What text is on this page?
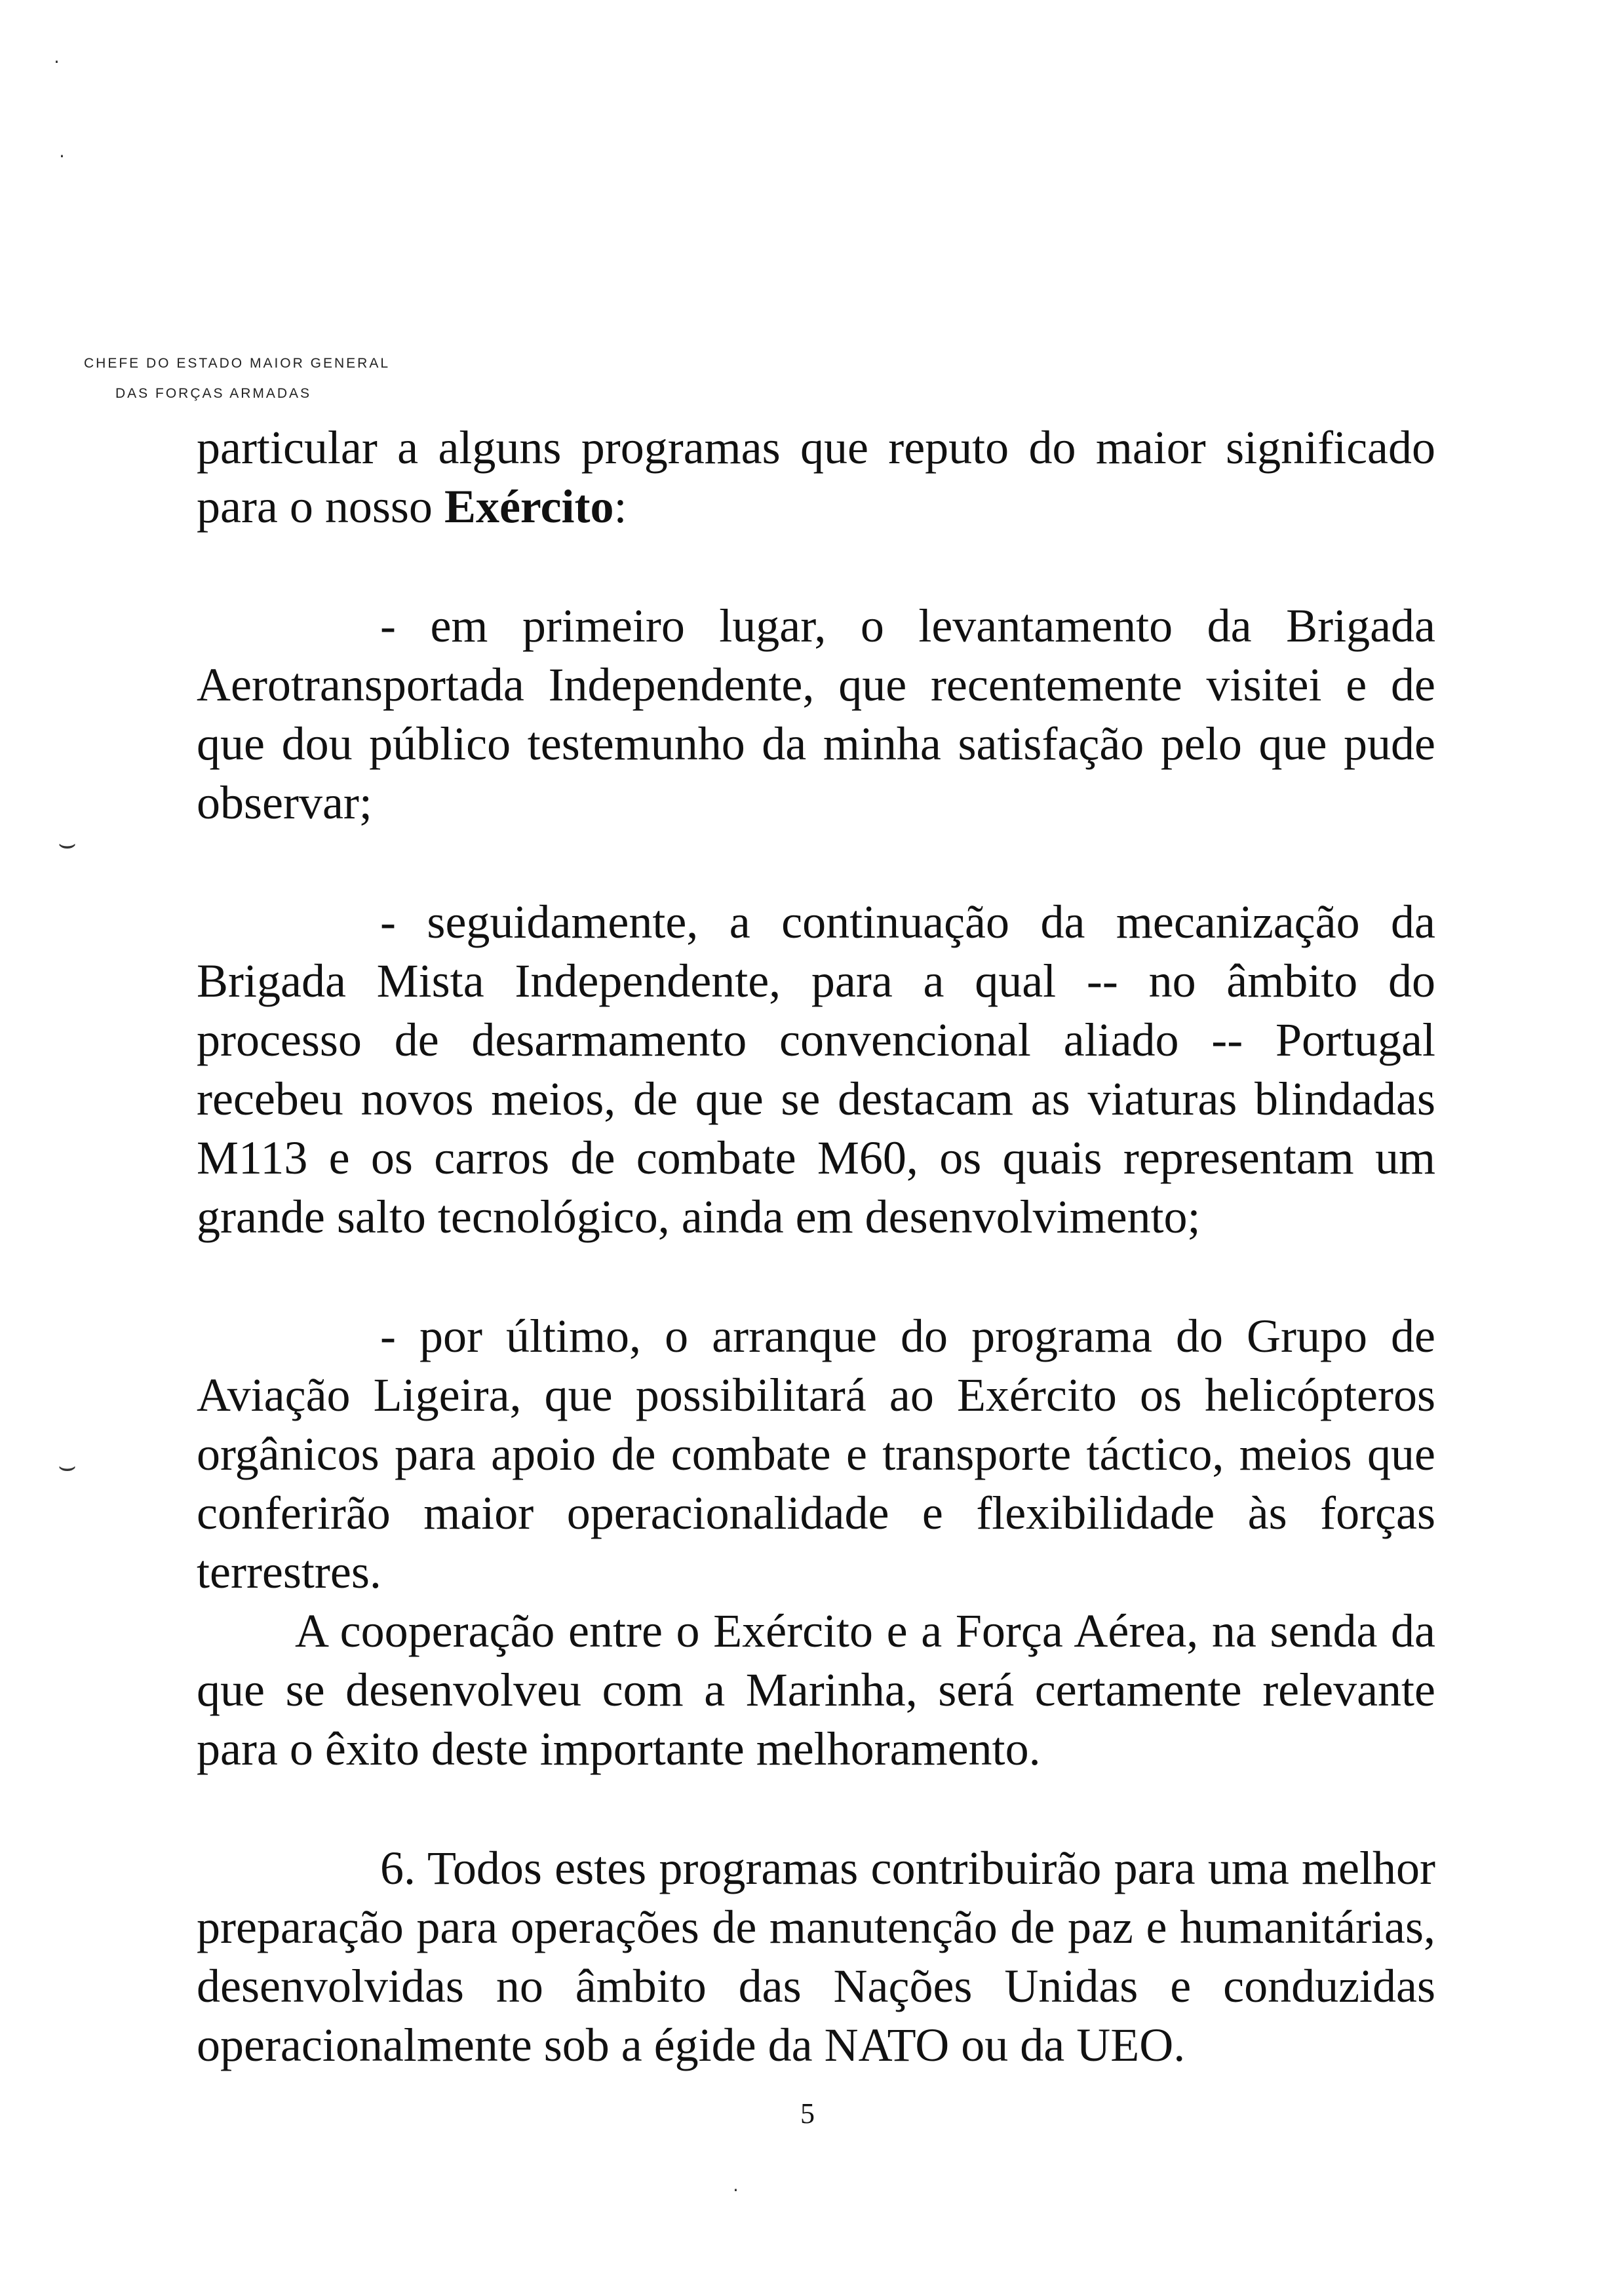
CHEFE DO ESTADO MAIOR GENERAL
DAS FORÇAS ARMADAS

particular a alguns programas que reputo do maior significado para o nosso Exército:

- em primeiro lugar, o levantamento da Brigada Aerotransportada Independente, que recentemente visitei e de que dou público testemunho da minha satisfação pelo que pude observar;

- seguidamente, a continuação da mecanização da Brigada Mista Independente, para a qual -- no âmbito do processo de desarmamento convencional aliado -- Portugal recebeu novos meios, de que se destacam as viaturas blindadas M113 e os carros de combate M60, os quais representam um grande salto tecnológico, ainda em desenvolvimento;

- por último, o arranque do programa do Grupo de Aviação Ligeira, que possibilitará ao Exército os helicópteros orgânicos para apoio de combate e transporte táctico, meios que conferirão maior operacionalidade e flexibilidade às forças terrestres.

A cooperação entre o Exército e a Força Aérea, na senda da que se desenvolveu com a Marinha, será certamente relevante para o êxito deste importante melhoramento.

6. Todos estes programas contribuirão para uma melhor preparação para operações de manutenção de paz e humanitárias, desenvolvidas no âmbito das Nações Unidas e conduzidas operacionalmente sob a égide da NATO ou da UEO.

5
·
·
⌣
⌣
·
